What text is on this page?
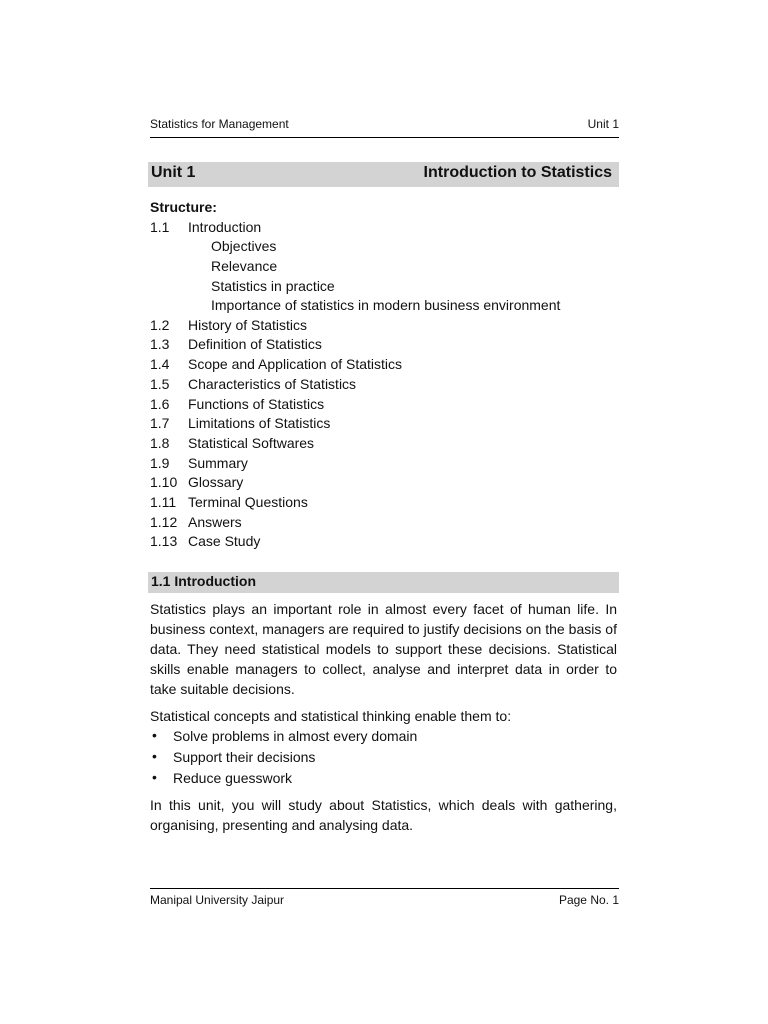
Statistics for Management	Unit 1
Unit 1	Introduction to Statistics
Structure:
1.1	Introduction
Objectives
Relevance
Statistics in practice
Importance of statistics in modern business environment
1.2	History of Statistics
1.3	Definition of Statistics
1.4	Scope and Application of Statistics
1.5	Characteristics of Statistics
1.6	Functions of Statistics
1.7	Limitations of Statistics
1.8	Statistical Softwares
1.9	Summary
1.10 Glossary
1.11 Terminal Questions
1.12 Answers
1.13 Case Study
1.1 Introduction

Statistics plays an important role in almost every facet of human life. In business context, managers are required to justify decisions on the basis of data. They need statistical models to support these decisions. Statistical skills enable managers to collect, analyse and interpret data in order to take suitable decisions.

Statistical concepts and statistical thinking enable them to:

• Solve problems in almost every domain
• Support their decisions
• Reduce guesswork

In this unit, you will study about Statistics, which deals with gathering, organising, presenting and analysing data.

Manipal University Jaipur	Page No. 1
